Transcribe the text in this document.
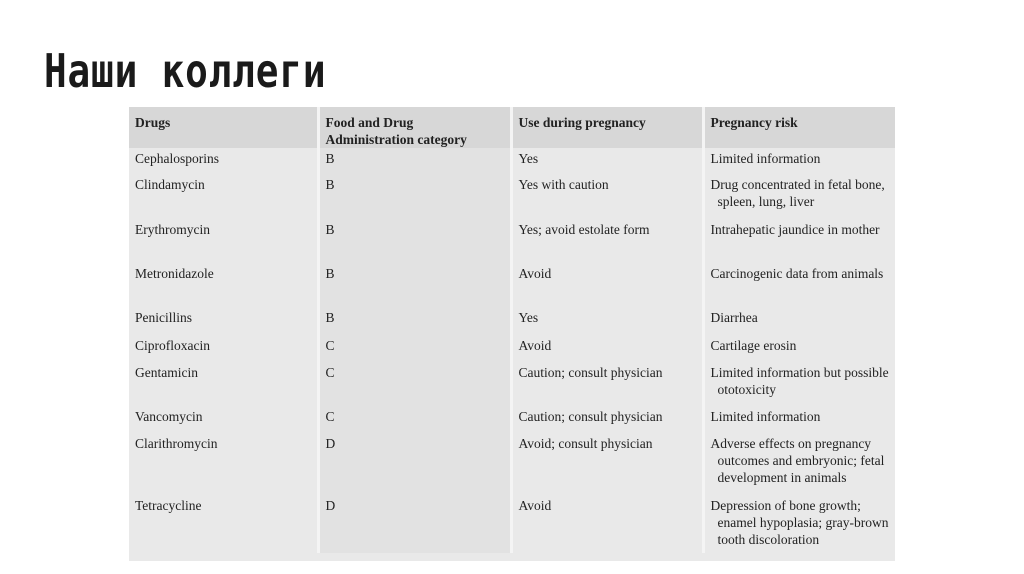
Наши коллеги
Drugs	Food and Drug Administration category	Use during pregnancy	Pregnancy risk
Cephalosporins	B	Yes	Limited information

Clindamycin	B	Yes with caution	Drug concentrated in fetal bone, spleen, lung, liver

Erythromycin	B	Yes; avoid estolate form	Intrahepatic jaundice in mother

Metronidazole	B	Avoid	Carcinogenic data from animals

Penicillins	B	Yes	Diarrhea

Ciprofloxacin	C	Avoid	Cartilage erosin

Gentamicin	C	Caution; consult physician	Limited information but possible ototoxicity

Vancomycin	C	Caution; consult physician	Limited information

Clarithromycin	D	Avoid; consult physician	Adverse effects on pregnancy outcomes and embryonic; fetal development in animals

Tetracycline	D	Avoid	Depression of bone growth; enamel hypoplasia; gray-brown tooth discoloration
